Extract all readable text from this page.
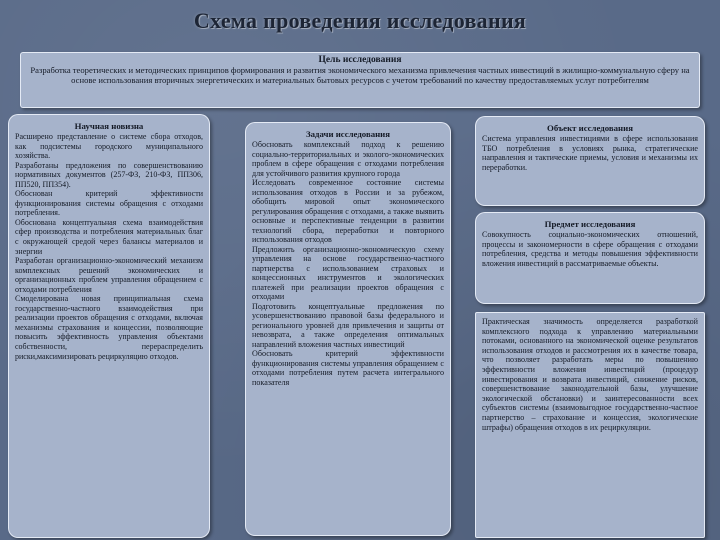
Схема проведения исследования
Цель исследования
Разработка теоретических и методических принципов формирования и развития экономического механизма привлечения частных инвестиций в жилищно-коммунальную сферу на основе использования вторичных энергетических и материальных бытовых ресурсов с учетом требований по качеству предоставляемых услуг потребителям
Научная новизна

Расширено представление о системе сбора отходов, как подсистемы городского муниципального хозяйства.

Разработаны предложения по совершенствованию нормативных документов (257-ФЗ, 210-ФЗ, ПП306, ПП520, ПП354).

Обоснован критерий эффективности функционирования системы обращения с отходами потребления.

Обоснована концептуальная схема взаимодействия сфер производства и потребления материальных благ с окружающей средой через балансы материалов и энергии

Разработан организационно-экономический механизм комплексных решений экономических и организационных проблем управления обращением с отходами потребления

Смоделирована новая принципиальная схема государственно-частного взаимодействия при реализации проектов обращения с отходами, включая механизмы страхования и концессии, позволяющие повысить эффективность управления объектами собственности, перераспределить риски,максимизировать рециркуляцию отходов.

Задачи исследования

Обосновать комплексный подход к решению социально-территориальных и эколого-экономических проблем в сфере обращения с отходами потребления для устойчивого развития крупного города

Исследовать современное состояние системы использования отходов в России и за рубежом, обобщить мировой опыт экономического регулирования обращения с отходами, а также выявить основные и перспективные тенденции в развитии технологий сбора, переработки и повторного использования отходов

Предложить организационно-экономическую схему управления на основе государственно-частного партнерства с использованием страховых и концессионных инструментов и экологических платежей при реализации проектов обращения с отходами

Подготовить концептуальные предложения по усовершенствованию правовой базы федерального и регионального уровней для привлечения и защиты от невозврата, а также определения оптимальных направлений вложения частных инвестиций

Обосновать критерий эффективности функционирования системы управления обращением с отходами потребления путем расчета интегрального показателя

Объект исследования
Система управления инвестициями в сфере использования ТБО потребления в условиях рынка, стратегические направления и тактические приемы, условия и механизмы их переработки.
Предмет исследования
Совокупность социально-экономических отношений, процессы и закономерности в сфере обращения с отходами потребления, средства и методы повышения эффективности вложения инвестиций в рассматриваемые объекты.
Практическая значимость определяется разработкой комплексного подхода к управлению материальными потоками, основанного на экономической оценке результатов использования отходов и рассмотрения их в качестве товара, что позволяет разработать меры по повышению эффективности вложения инвестиций (процедур инвестирования и возврата инвестиций, снижение рисков, совершенствование законодательной базы, улучшение экологической обстановки) и заинтересованности всех субъектов системы (взаимовыгодное государственно-частное партнерство – страхование и концессия, экологические штрафы) обращения отходов в их рециркуляции.
